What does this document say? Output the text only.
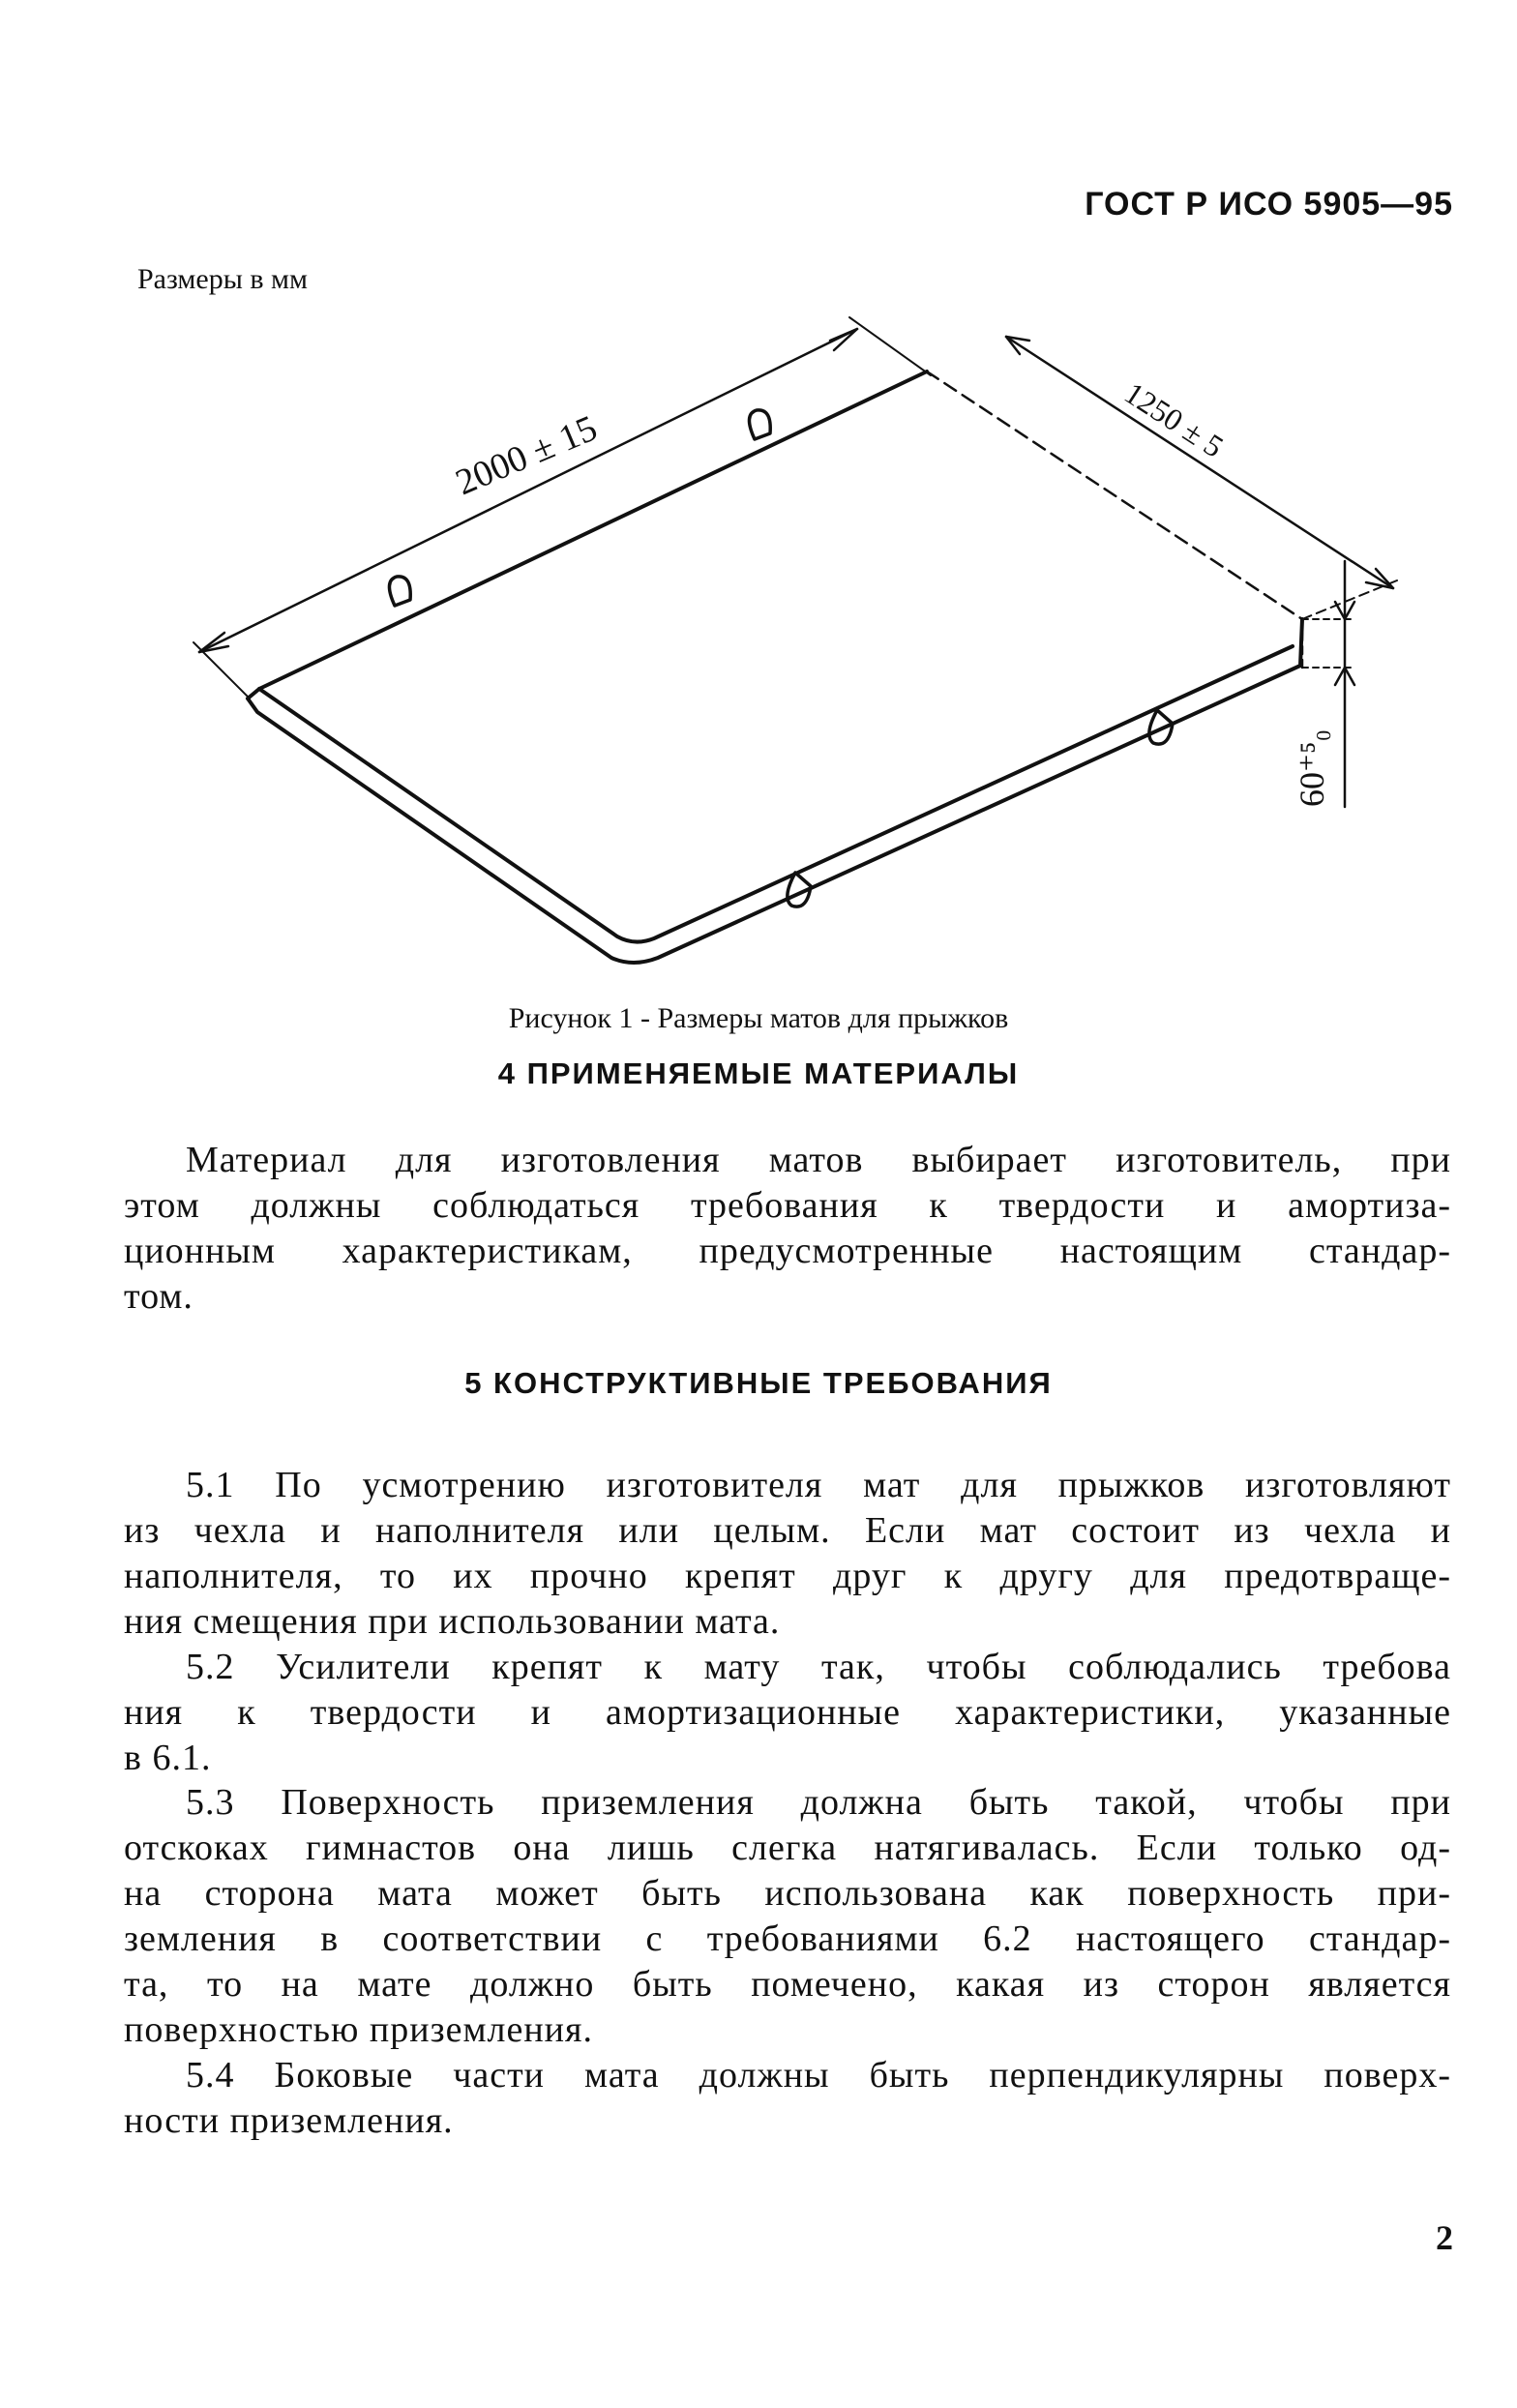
ГОСТ Р ИСО 5905—95
Размеры в мм
2000 ± 15	1250 ± 5
60⁺⁵₀
Рисунок 1 - Размеры матов для прыжков
4 ПРИМЕНЯЕМЫЕ МАТЕРИАЛЫ
Материал для изготовления матов выбирает изготовитель, при
этом должны соблюдаться требования к твердости и амортиза-
ционным характеристикам, предусмотренные настоящим стандар-
том.
5 КОНСТРУКТИВНЫЕ ТРЕБОВАНИЯ
5.1 По усмотрению изготовителя мат для прыжков изготовляют
из чехла и наполнителя или целым. Если мат состоит из чехла и
наполнителя, то их прочно крепят друг к другу для предотвраще-
ния смещения при использовании мата.
5.2 Усилители крепят к мату так, чтобы соблюдались требова
ния к твердости и амортизационные характеристики, указанные
в 6.1.
5.3 Поверхность приземления должна быть такой, чтобы при
отскоках гимнастов она лишь слегка натягивалась. Если только од-
на сторона мата может быть использована как поверхность при-
земления в соответствии с требованиями 6.2 настоящего стандар-
та, то на мате должно быть помечено, какая из сторон является
поверхностью приземления.
5.4 Боковые части мата должны быть перпендикулярны поверх-
ности приземления.
2
